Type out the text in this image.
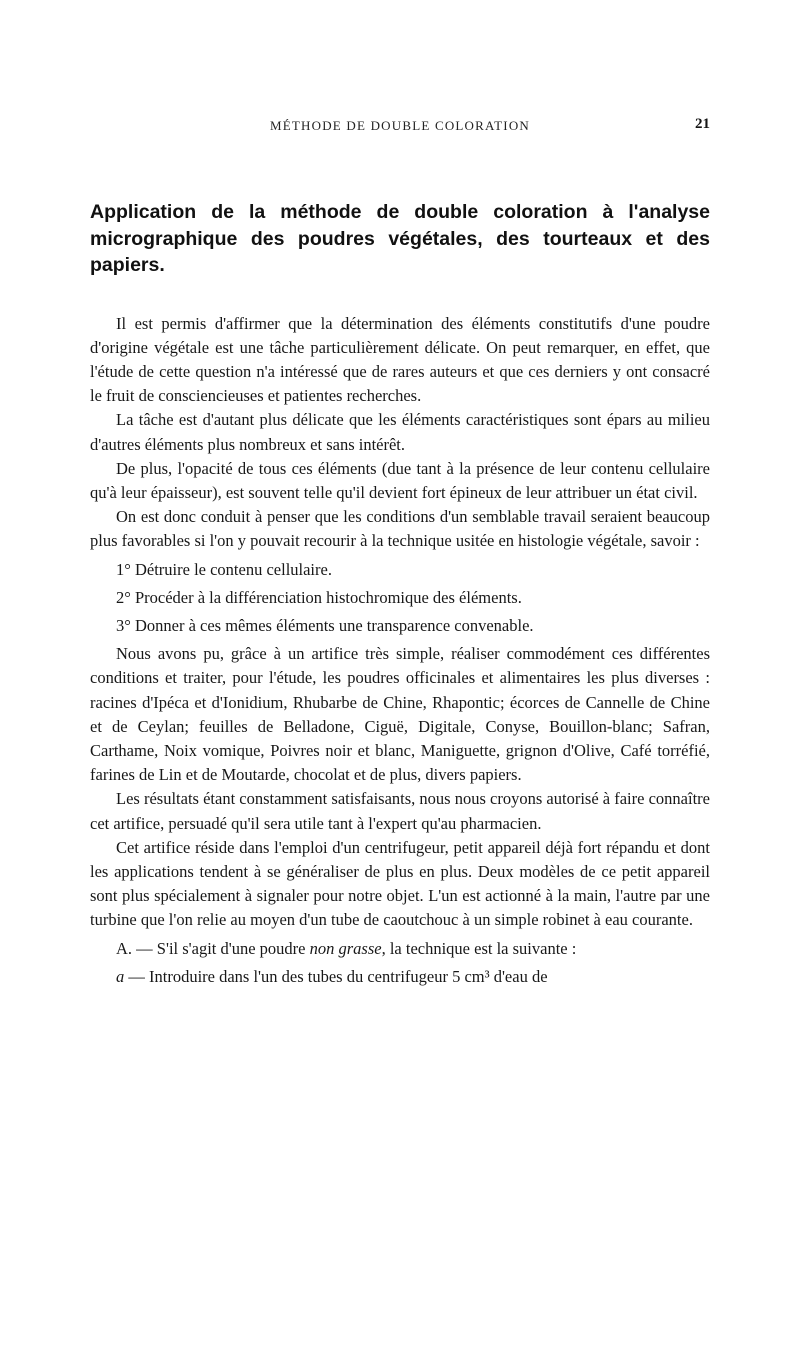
MÉTHODE DE DOUBLE COLORATION	21
Application de la méthode de double coloration à l'analyse micrographique des poudres végétales, des tourteaux et des papiers.

Il est permis d'affirmer que la détermination des éléments constitutifs d'une poudre d'origine végétale est une tâche particulièrement délicate. On peut remarquer, en effet, que l'étude de cette question n'a intéressé que de rares auteurs et que ces derniers y ont consacré le fruit de consciencieuses et patientes recherches.

La tâche est d'autant plus délicate que les éléments caractéristiques sont épars au milieu d'autres éléments plus nombreux et sans intérêt.

De plus, l'opacité de tous ces éléments (due tant à la présence de leur contenu cellulaire qu'à leur épaisseur), est souvent telle qu'il devient fort épineux de leur attribuer un état civil.

On est donc conduit à penser que les conditions d'un semblable travail seraient beaucoup plus favorables si l'on y pouvait recourir à la technique usitée en histologie végétale, savoir :

1° Détruire le contenu cellulaire.

2° Procéder à la différenciation histochromique des éléments.

3° Donner à ces mêmes éléments une transparence convenable.

Nous avons pu, grâce à un artifice très simple, réaliser commodément ces différentes conditions et traiter, pour l'étude, les poudres officinales et alimentaires les plus diverses : racines d'Ipéca et d'Ionidium, Rhubarbe de Chine, Rhapontic; écorces de Cannelle de Chine et de Ceylan; feuilles de Belladone, Ciguë, Digitale, Conyse, Bouillon-blanc; Safran, Carthame, Noix vomique, Poivres noir et blanc, Maniguette, grignon d'Olive, Café torréfié, farines de Lin et de Moutarde, chocolat et de plus, divers papiers.

Les résultats étant constamment satisfaisants, nous nous croyons autorisé à faire connaître cet artifice, persuadé qu'il sera utile tant à l'expert qu'au pharmacien.

Cet artifice réside dans l'emploi d'un centrifugeur, petit appareil déjà fort répandu et dont les applications tendent à se généraliser de plus en plus. Deux modèles de ce petit appareil sont plus spécialement à signaler pour notre objet. L'un est actionné à la main, l'autre par une turbine que l'on relie au moyen d'un tube de caoutchouc à un simple robinet à eau courante.

A. — S'il s'agit d'une poudre non grasse, la technique est la suivante :

a — Introduire dans l'un des tubes du centrifugeur 5 cm³ d'eau de
